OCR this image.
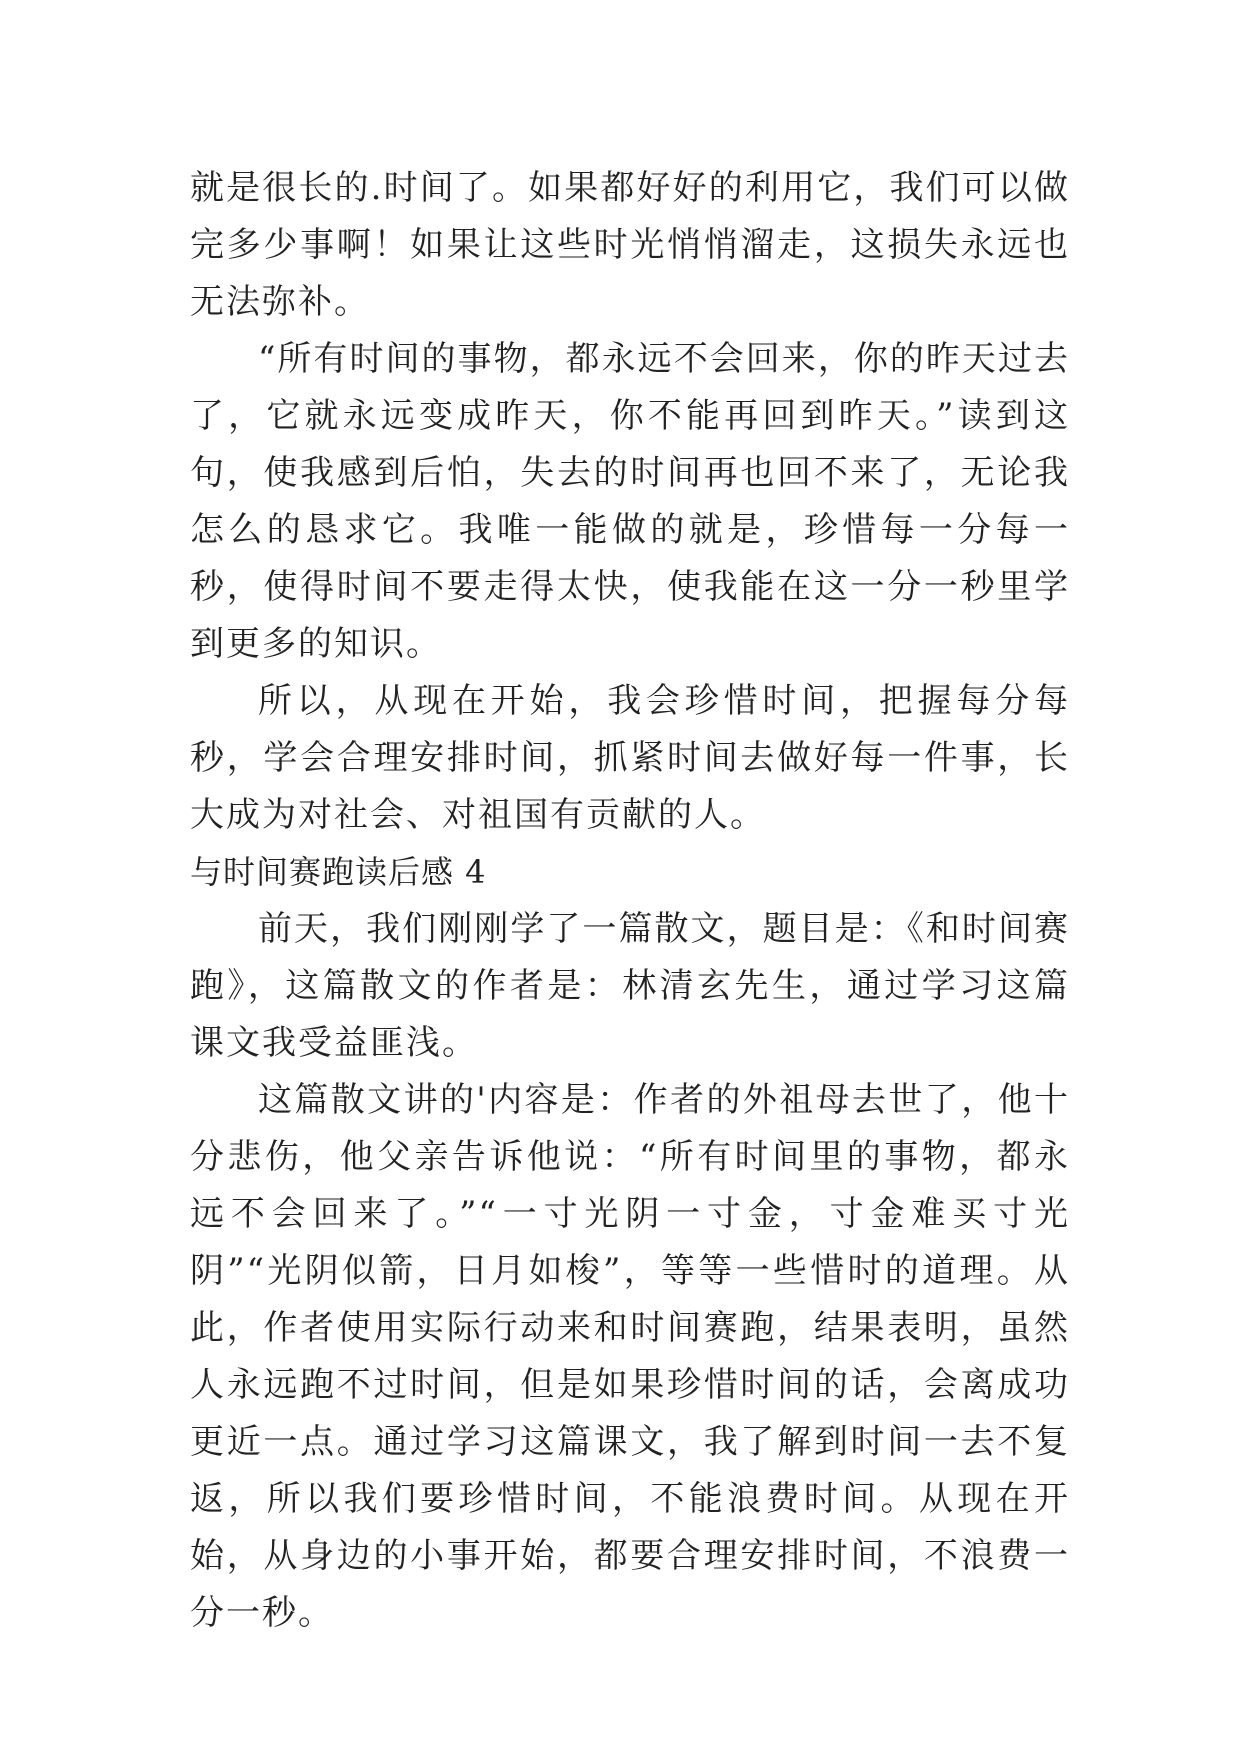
就是很长的.时间了。如果都好好的利用它，我们可以做完多少事啊！如果让这些时光悄悄溜走，这损失永远也无法弥补。

“所有时间的事物，都永远不会回来，你的昨天过去了，它就永远变成昨天，你不能再回到昨天。”读到这句，使我感到后怕，失去的时间再也回不来了，无论我怎么的恳求它。我唯一能做的就是，珍惜每一分每一秒，使得时间不要走得太快，使我能在这一分一秒里学到更多的知识。

所以，从现在开始，我会珍惜时间，把握每分每秒，学会合理安排时间，抓紧时间去做好每一件事，长大成为对社会、对祖国有贡献的人。

与时间赛跑读后感 4

前天，我们刚刚学了一篇散文，题目是：《和时间赛跑》，这篇散文的作者是：林清玄先生，通过学习这篇课文我受益匪浅。

这篇散文讲的'内容是：作者的外祖母去世了，他十分悲伤，他父亲告诉他说：“所有时间里的事物，都永远不会回来了。”“一寸光阴一寸金，寸金难买寸光阴”“光阴似箭，日月如梭”，等等一些惜时的道理。从此，作者使用实际行动来和时间赛跑，结果表明，虽然人永远跑不过时间，但是如果珍惜时间的话，会离成功更近一点。通过学习这篇课文，我了解到时间一去不复返，所以我们要珍惜时间，不能浪费时间。从现在开始，从身边的小事开始，都要合理安排时间，不浪费一分一秒。
